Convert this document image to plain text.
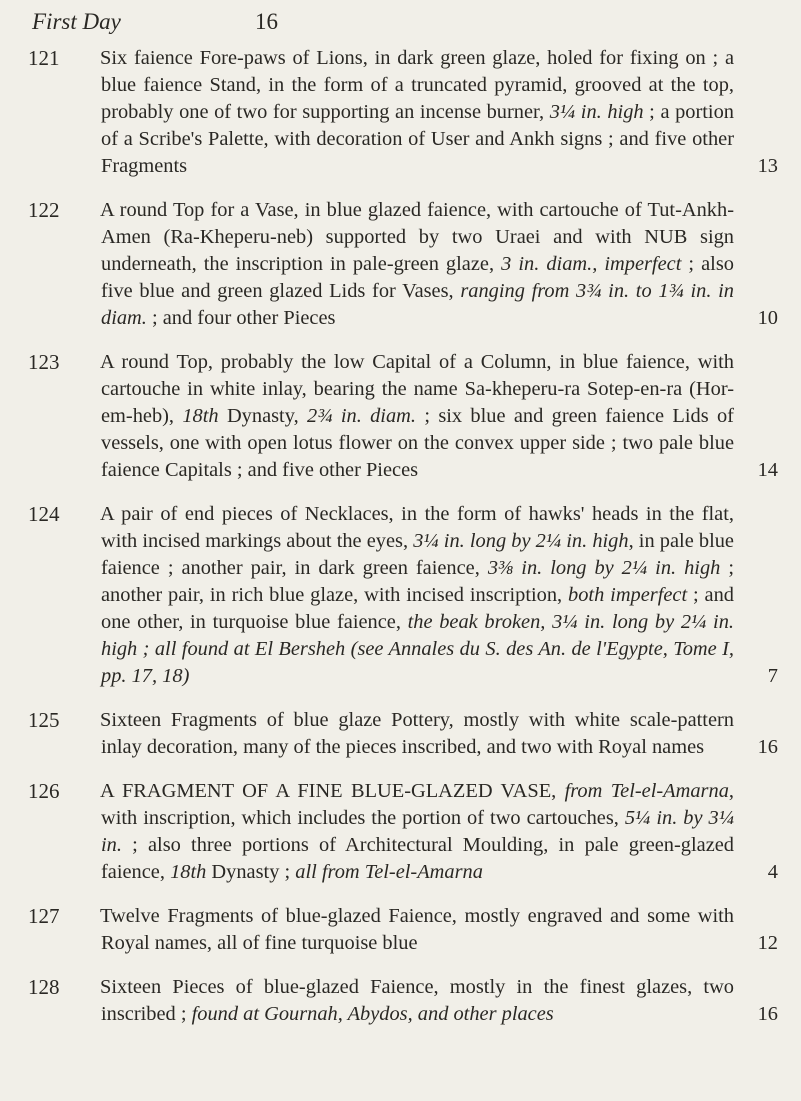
First Day	16
121 Six faience Fore-paws of Lions, in dark green glaze, holed for fixing on ; a blue faience Stand, in the form of a truncated pyramid, grooved at the top, probably one of two for supporting an incense burner, 3¼ in. high ; a portion of a Scribe's Palette, with decoration of User and Ankh signs ; and five other Fragments	13
122 A round Top for a Vase, in blue glazed faience, with cartouche of Tut-Ankh-Amen (Ra-Kheperu-neb) supported by two Uraei and with NUB sign underneath, the inscription in pale-green glaze, 3 in. diam., imperfect ; also five blue and green glazed Lids for Vases, ranging from 3¾ in. to 1¾ in. in diam. ; and four other Pieces	10
123 A round Top, probably the low Capital of a Column, in blue faience, with cartouche in white inlay, bearing the name Sa-kheperu-ra Sotep-en-ra (Hor-em-heb), 18th Dynasty, 2¾ in. diam. ; six blue and green faience Lids of vessels, one with open lotus flower on the convex upper side ; two pale blue faience Capitals ; and five other Pieces	14
124 A pair of end pieces of Necklaces, in the form of hawks' heads in the flat, with incised markings about the eyes, 3¼ in. long by 2¼ in. high, in pale blue faience ; another pair, in dark green faience, 3⅜ in. long by 2¼ in. high ; another pair, in rich blue glaze, with incised inscription, both imperfect ; and one other, in turquoise blue faience, the beak broken, 3¼ in. long by 2¼ in. high ; all found at El Bersheh (see Annales du S. des An. de l'Egypte, Tome I, pp. 17, 18)	7
125 Sixteen Fragments of blue glaze Pottery, mostly with white scale-pattern inlay decoration, many of the pieces inscribed, and two with Royal names	16
126 A FRAGMENT OF A FINE BLUE-GLAZED VASE, from Tel-el-Amarna, with inscription, which includes the portion of two cartouches, 5¼ in. by 3¼ in. ; also three portions of Architectural Moulding, in pale green-glazed faience, 18th Dynasty ; all from Tel-el-Amarna	4
127 Twelve Fragments of blue-glazed Faience, mostly engraved and some with Royal names, all of fine turquoise blue	12
128 Sixteen Pieces of blue-glazed Faience, mostly in the finest glazes, two inscribed ; found at Gournah, Abydos, and other places	16
